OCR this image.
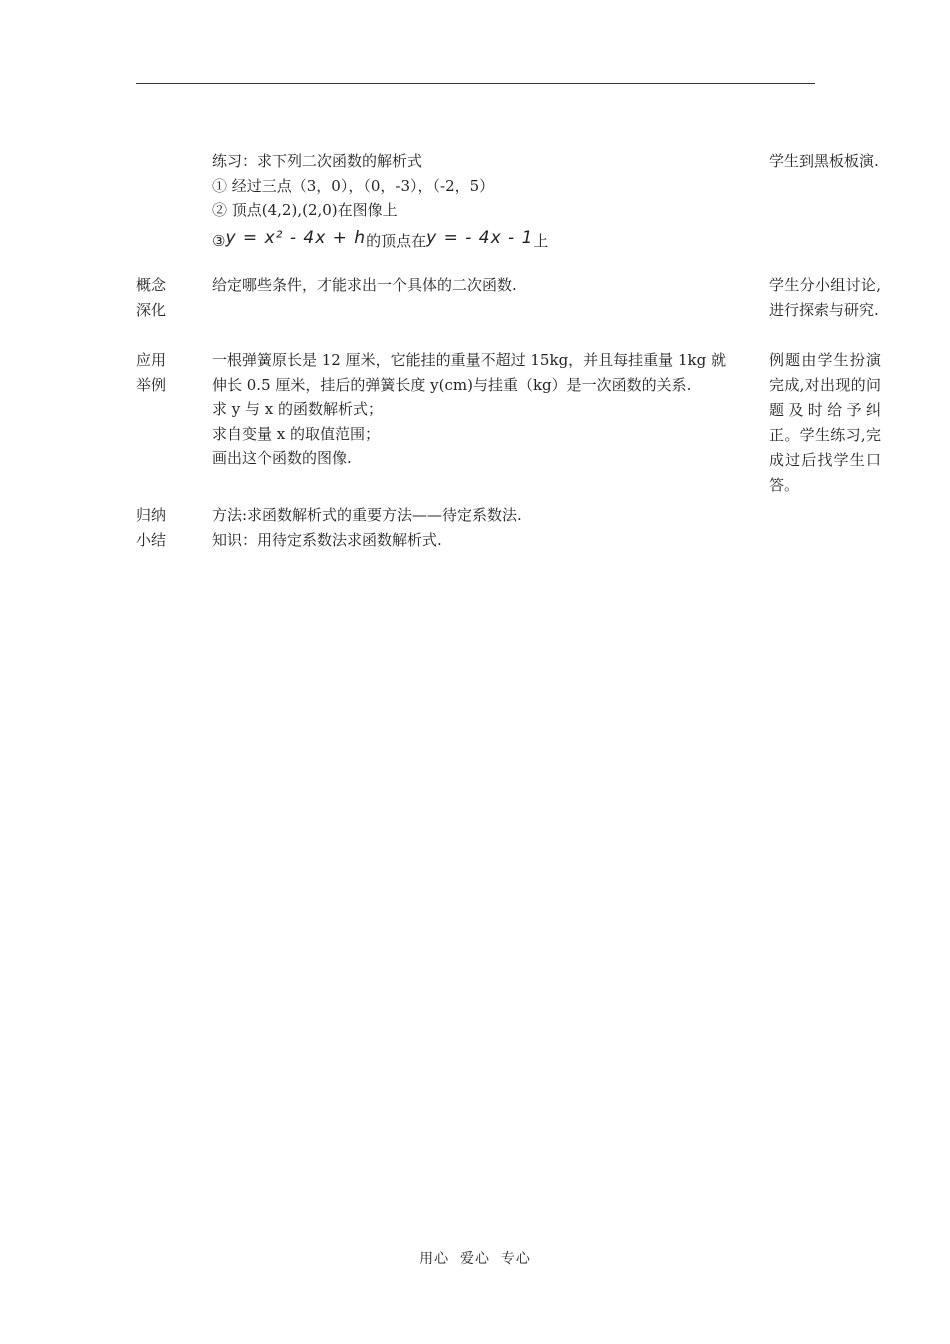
练习：求下列二次函数的解析式
① 经过三点（3，0），（0，-3），（-2，5）
② 顶点(4,2),(2,0)在图像上
③y = x² - 4x + h的顶点在y = - 4x - 1上
学生到黑板板演.
概念
深化
给定哪些条件，才能求出一个具体的二次函数.	学生分小组讨论,进行探索与研究.
应用
举例
一根弹簧原长是 12 厘米，它能挂的重量不超过 15kg，并且每挂重量 1kg 就
伸长 0.5 厘米，挂后的弹簧长度 y(cm)与挂重（kg）是一次函数的关系.
求 y 与 x 的函数解析式；
求自变量 x 的取值范围；
画出这个函数的图像.
例题由学生扮演完成,对出现的问题及时给予纠正。学生练习,完成过后找学生口答。
归纳
小结
方法:求函数解析式的重要方法——待定系数法.
知识：用待定系数法求函数解析式.
用心  爱心  专心
